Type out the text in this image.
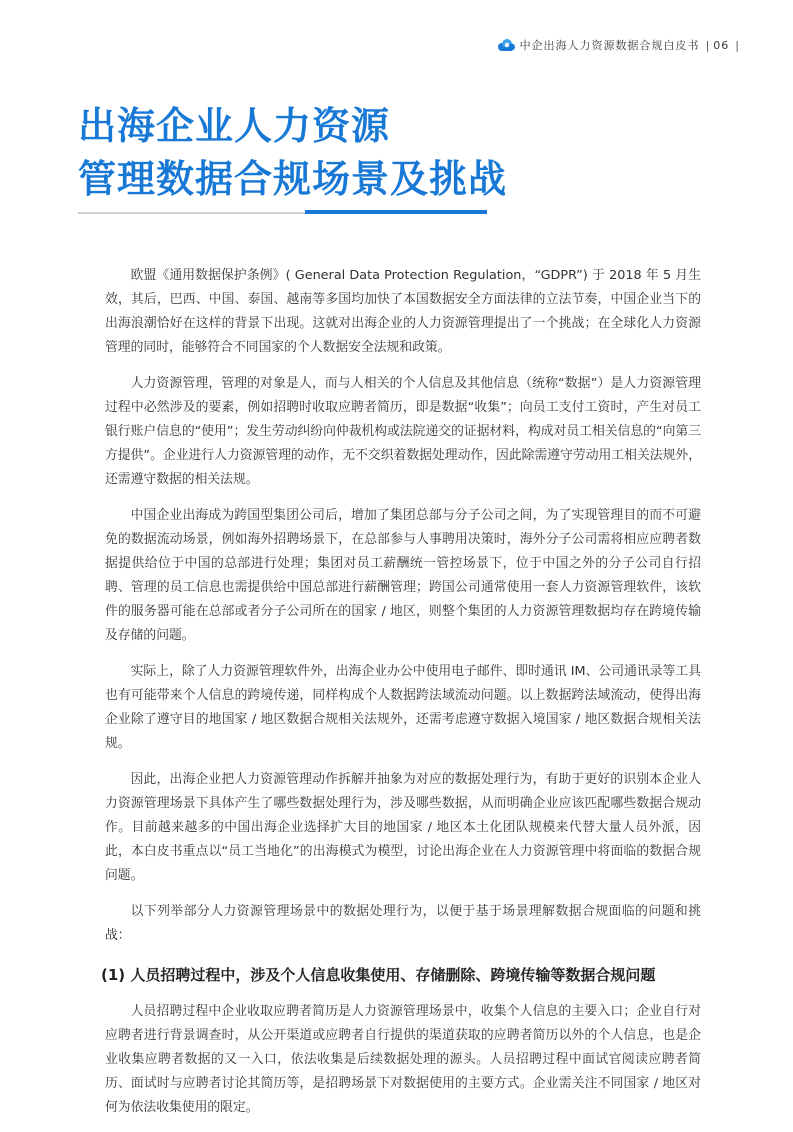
中企出海人力资源数据合规白皮书 | 06 |
出海企业人力资源
管理数据合规场景及挑战

欧盟《通用数据保护条例》( General Data Protection Regulation，“GDPR”) 于 2018 年 5 月生效，其后，巴西、中国、泰国、越南等多国均加快了本国数据安全方面法律的立法节奏，中国企业当下的出海浪潮恰好在这样的背景下出现。这就对出海企业的人力资源管理提出了一个挑战；在全球化人力资源管理的同时，能够符合不同国家的个人数据安全法规和政策。

人力资源管理，管理的对象是人，而与人相关的个人信息及其他信息（统称“数据”）是人力资源管理过程中必然涉及的要素，例如招聘时收取应聘者简历，即是数据“收集”；向员工支付工资时，产生对员工银行账户信息的“使用”；发生劳动纠纷向仲裁机构或法院递交的证据材料，构成对员工相关信息的“向第三方提供”。企业进行人力资源管理的动作，无不交织着数据处理动作，因此除需遵守劳动用工相关法规外，还需遵守数据的相关法规。

中国企业出海成为跨国型集团公司后，增加了集团总部与分子公司之间，为了实现管理目的而不可避免的数据流动场景，例如海外招聘场景下，在总部参与人事聘用决策时，海外分子公司需将相应应聘者数据提供给位于中国的总部进行处理；集团对员工薪酬统一管控场景下，位于中国之外的分子公司自行招聘、管理的员工信息也需提供给中国总部进行薪酬管理；跨国公司通常使用一套人力资源管理软件，该软件的服务器可能在总部或者分子公司所在的国家 / 地区，则整个集团的人力资源管理数据均存在跨境传输及存储的问题。

实际上，除了人力资源管理软件外，出海企业办公中使用电子邮件、即时通讯 IM、公司通讯录等工具也有可能带来个人信息的跨境传递，同样构成个人数据跨法域流动问题。以上数据跨法域流动，使得出海企业除了遵守目的地国家 / 地区数据合规相关法规外，还需考虑遵守数据入境国家 / 地区数据合规相关法规。

因此，出海企业把人力资源管理动作拆解并抽象为对应的数据处理行为，有助于更好的识别本企业人力资源管理场景下具体产生了哪些数据处理行为，涉及哪些数据，从而明确企业应该匹配哪些数据合规动作。目前越来越多的中国出海企业选择扩大目的地国家 / 地区本土化团队规模来代替大量人员外派，因此，本白皮书重点以“员工当地化”的出海模式为模型，讨论出海企业在人力资源管理中将面临的数据合规问题。

以下列举部分人力资源管理场景中的数据处理行为，以便于基于场景理解数据合规面临的问题和挑战：

(1) 人员招聘过程中，涉及个人信息收集使用、存储删除、跨境传输等数据合规问题

人员招聘过程中企业收取应聘者简历是人力资源管理场景中，收集个人信息的主要入口；企业自行对应聘者进行背景调查时，从公开渠道或应聘者自行提供的渠道获取的应聘者简历以外的个人信息，也是企业收集应聘者数据的又一入口，依法收集是后续数据处理的源头。人员招聘过程中面试官阅读应聘者简历、面试时与应聘者讨论其简历等，是招聘场景下对数据使用的主要方式。企业需关注不同国家 / 地区对何为依法收集使用的限定。
